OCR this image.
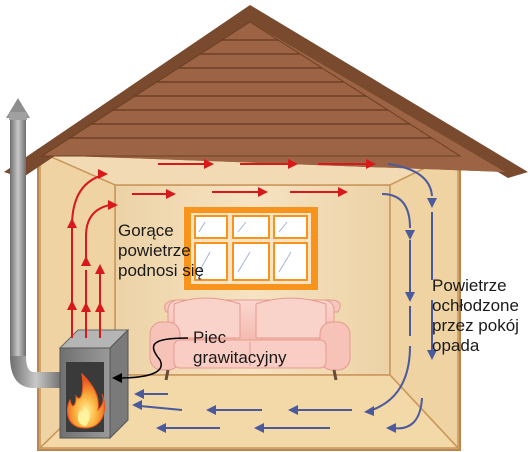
Gorące
powietrze
podnosi się
Piec
grawitacyjny
Powietrze
ochłodzone
przez pokój
opada
